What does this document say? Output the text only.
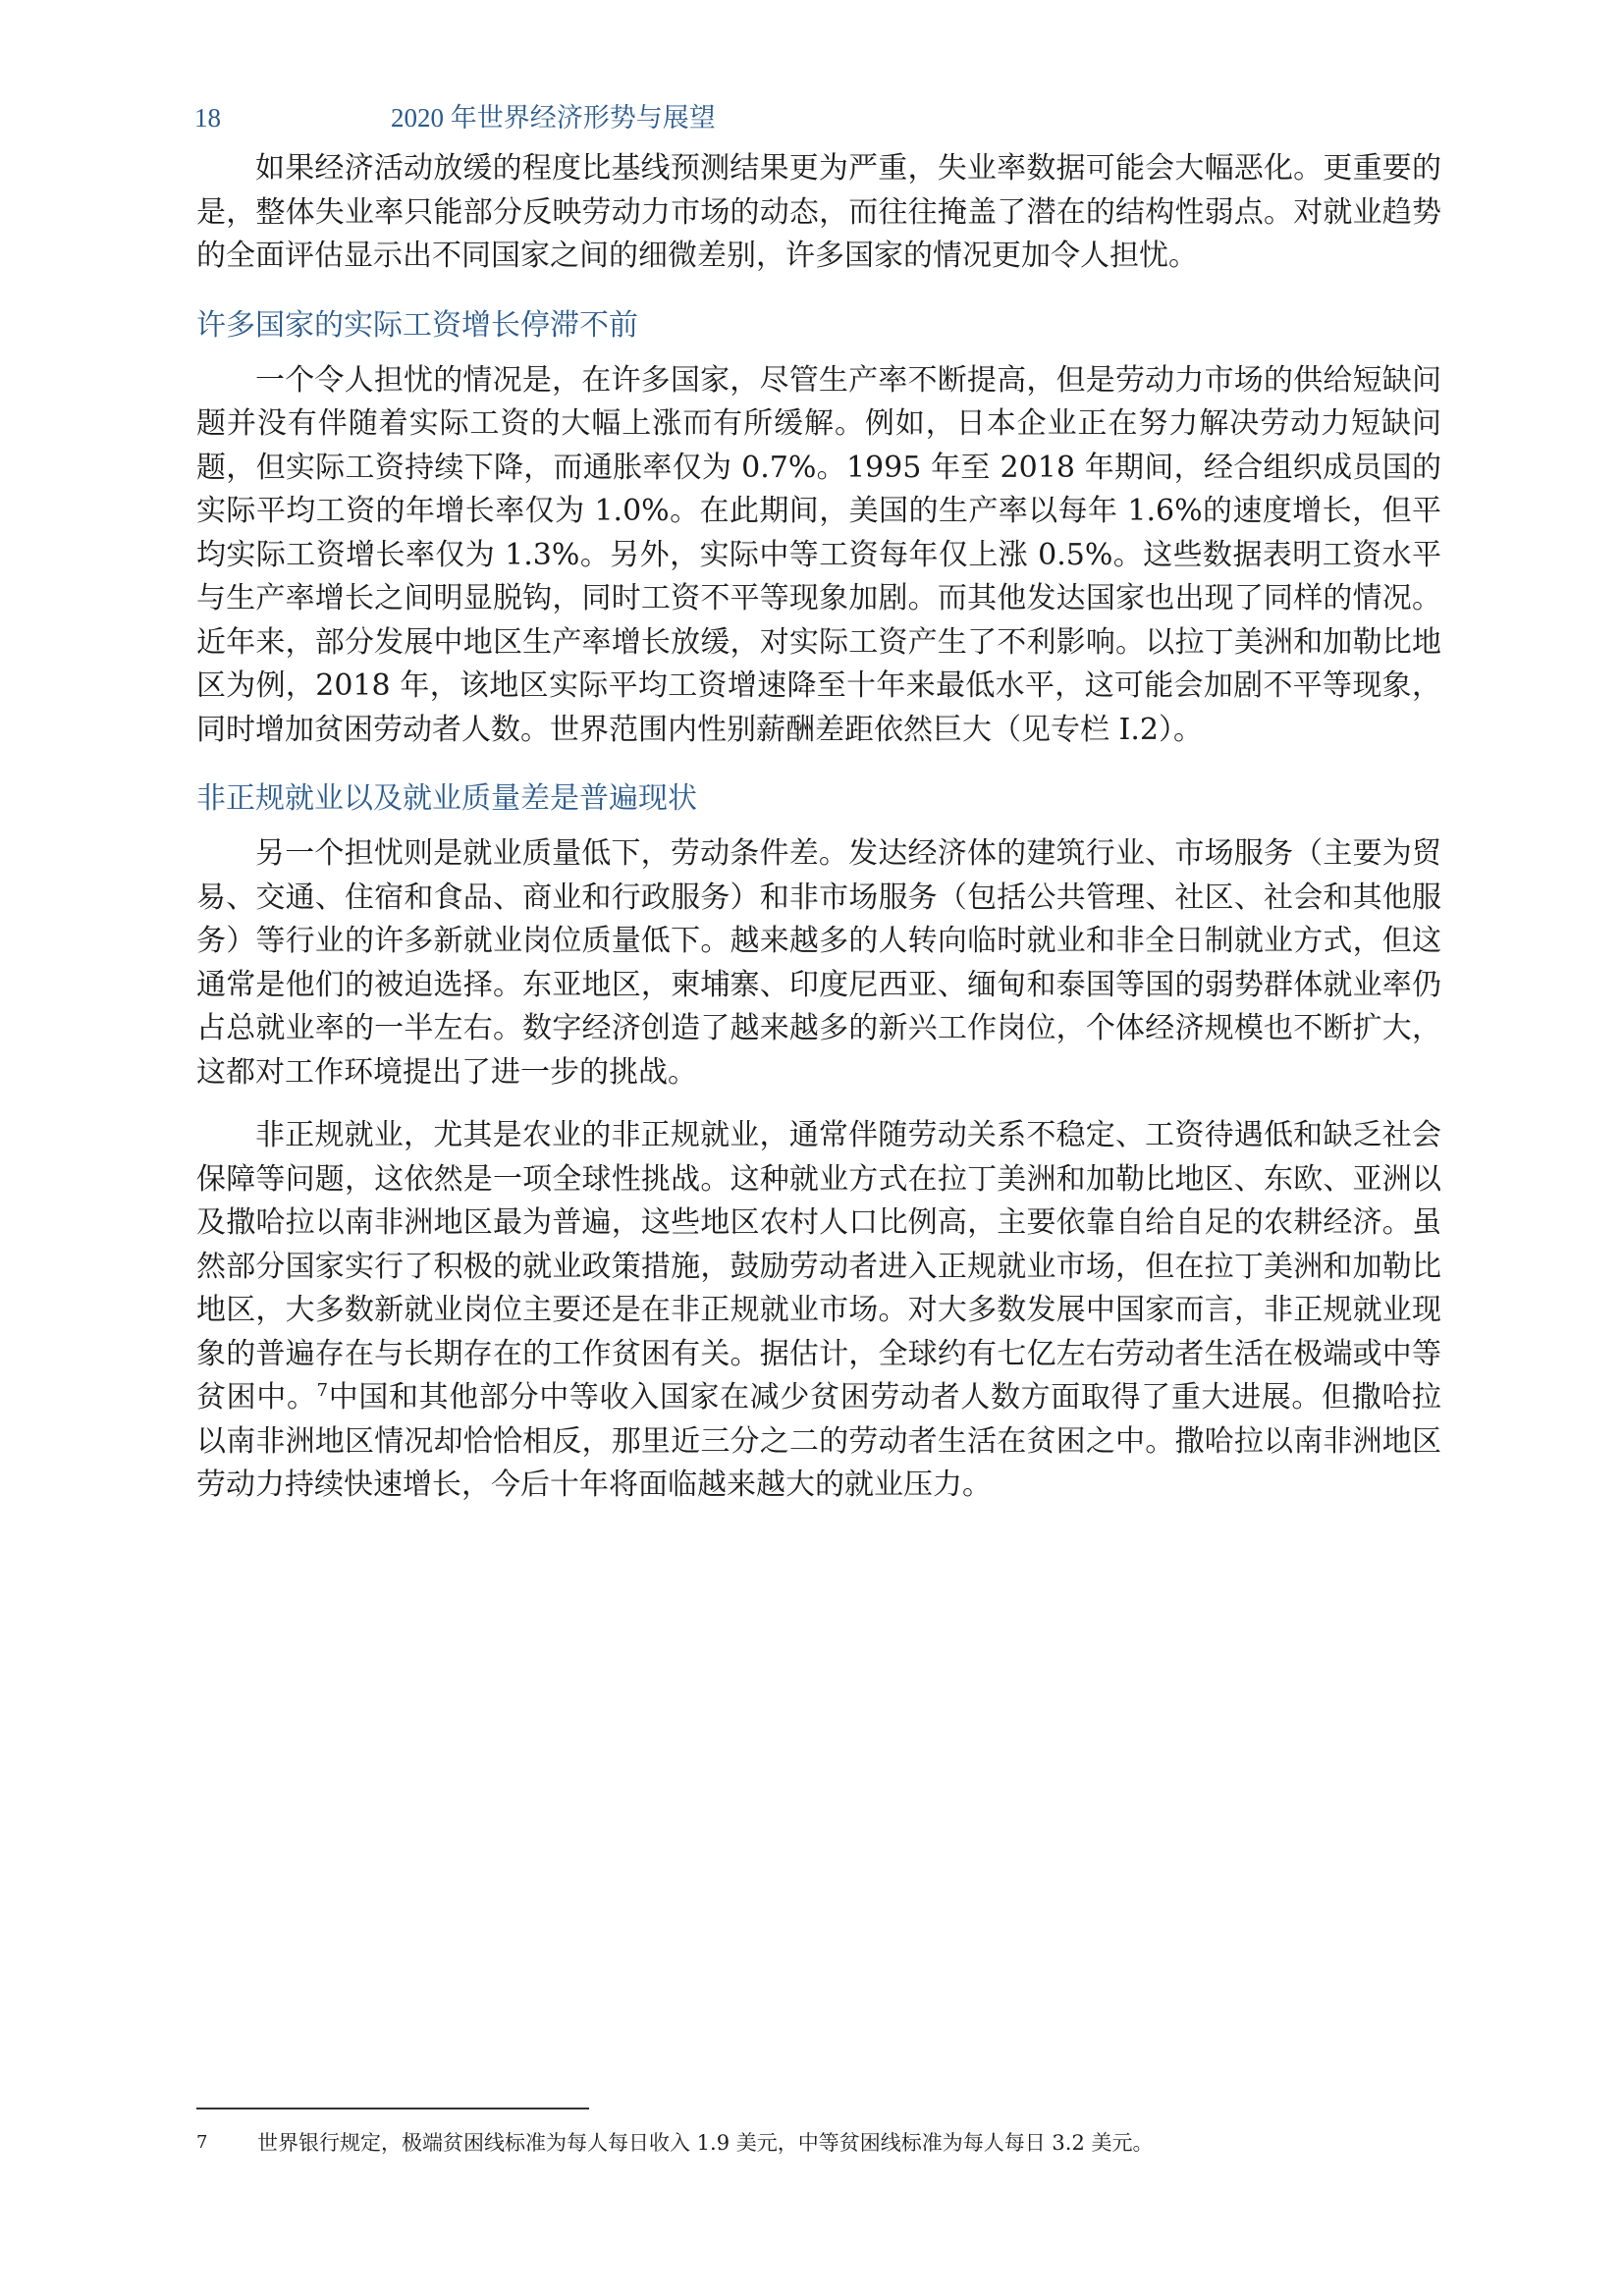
18	2020 年世界经济形势与展望

如果经济活动放缓的程度比基线预测结果更为严重，失业率数据可能会大幅恶化。更重要的是，整体失业率只能部分反映劳动力市场的动态，而往往掩盖了潜在的结构性弱点。对就业趋势的全面评估显示出不同国家之间的细微差别，许多国家的情况更加令人担忧。

许多国家的实际工资增长停滞不前

一个令人担忧的情况是，在许多国家，尽管生产率不断提高，但是劳动力市场的供给短缺问题并没有伴随着实际工资的大幅上涨而有所缓解。例如，日本企业正在努力解决劳动力短缺问题，但实际工资持续下降，而通胀率仅为 0.7%。1995 年至 2018 年期间，经合组织成员国的实际平均工资的年增长率仅为 1.0%。在此期间，美国的生产率以每年 1.6%的速度增长，但平均实际工资增长率仅为 1.3%。另外，实际中等工资每年仅上涨 0.5%。这些数据表明工资水平与生产率增长之间明显脱钩，同时工资不平等现象加剧。而其他发达国家也出现了同样的情况。近年来，部分发展中地区生产率增长放缓，对实际工资产生了不利影响。以拉丁美洲和加勒比地区为例，2018 年，该地区实际平均工资增速降至十年来最低水平，这可能会加剧不平等现象，同时增加贫困劳动者人数。世界范围内性别薪酬差距依然巨大（见专栏 I.2）。

非正规就业以及就业质量差是普遍现状

另一个担忧则是就业质量低下，劳动条件差。发达经济体的建筑行业、市场服务（主要为贸易、交通、住宿和食品、商业和行政服务）和非市场服务（包括公共管理、社区、社会和其他服务）等行业的许多新就业岗位质量低下。越来越多的人转向临时就业和非全日制就业方式，但这通常是他们的被迫选择。东亚地区，柬埔寨、印度尼西亚、缅甸和泰国等国的弱势群体就业率仍占总就业率的一半左右。数字经济创造了越来越多的新兴工作岗位，个体经济规模也不断扩大，这都对工作环境提出了进一步的挑战。

非正规就业，尤其是农业的非正规就业，通常伴随劳动关系不稳定、工资待遇低和缺乏社会保障等问题，这依然是一项全球性挑战。这种就业方式在拉丁美洲和加勒比地区、东欧、亚洲以及撒哈拉以南非洲地区最为普遍，这些地区农村人口比例高，主要依靠自给自足的农耕经济。虽然部分国家实行了积极的就业政策措施，鼓励劳动者进入正规就业市场，但在拉丁美洲和加勒比地区，大多数新就业岗位主要还是在非正规就业市场。对大多数发展中国家而言，非正规就业现象的普遍存在与长期存在的工作贫困有关。据估计，全球约有七亿左右劳动者生活在极端或中等贫困中。$^7$中国和其他部分中等收入国家在减少贫困劳动者人数方面取得了重大进展。但撒哈拉以南非洲地区情况却恰恰相反，那里近三分之二的劳动者生活在贫困之中。撒哈拉以南非洲地区劳动力持续快速增长，今后十年将面临越来越大的就业压力。

7 世界银行规定，极端贫困线标准为每人每日收入 1.9 美元，中等贫困线标准为每人每日 3.2 美元。
